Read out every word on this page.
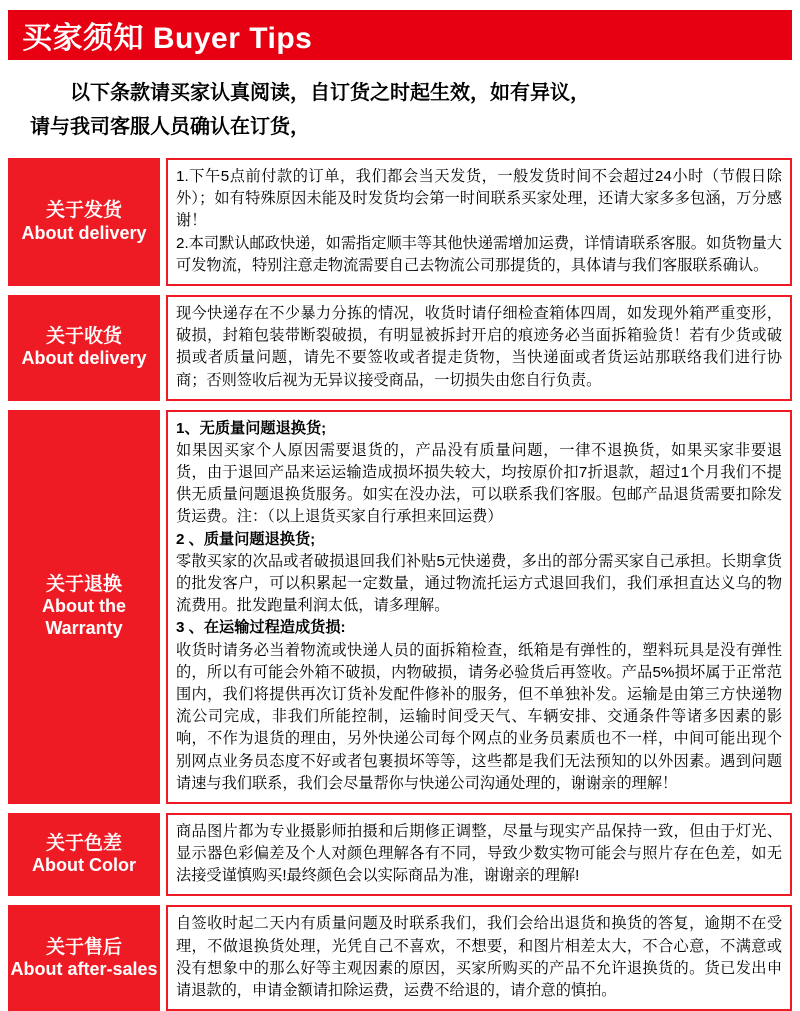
买家须知 Buyer Tips
以下条款请买家认真阅读，自订货之时起生效，如有异议，
请与我司客服人员确认在订货，
关于发货
About delivery

1.下午5点前付款的订单，我们都会当天发货，一般发货时间不会超过24小时（节假日除外）；如有特殊原因未能及时发货均会第一时间联系买家处理，还请大家多多包涵，万分感谢！

2.本司默认邮政快递，如需指定顺丰等其他快递需增加运费，详情请联系客服。如货物量大可发物流，特别注意走物流需要自己去物流公司那提货的，具体请与我们客服联系确认。

关于收货
About delivery

现今快递存在不少暴力分拣的情况，收货时请仔细检查箱体四周，如发现外箱严重变形，破损，封箱包装带断裂破损，有明显被拆封开启的痕迹务必当面拆箱验货！若有少货或破损或者质量问题，请先不要签收或者提走货物，当快递面或者货运站那联络我们进行协商；否则签收后视为无异议接受商品，一切损失由您自行负责。

关于退换
About the Warranty

1、无质量问题退换货;

如果因买家个人原因需要退货的，产品没有质量问题，一律不退换货，如果买家非要退货，由于退回产品来运运输造成损坏损失较大，均按原价扣7折退款，超过1个月我们不提供无质量问题退换货服务。如实在没办法，可以联系我们客服。包邮产品退货需要扣除发货运费。注：（以上退货买家自行承担来回运费）

2 、质量问题退换货;

零散买家的次品或者破损退回我们补贴5元快递费，多出的部分需买家自己承担。长期拿货的批发客户，可以积累起一定数量，通过物流托运方式退回我们，我们承担直达义乌的物流费用。批发跑量利润太低，请多理解。

3 、在运输过程造成货损:

收货时请务必当着物流或快递人员的面拆箱检查，纸箱是有弹性的，塑料玩具是没有弹性的，所以有可能会外箱不破损，内物破损，请务必验货后再签收。产品5%损坏属于正常范围内，我们将提供再次订货补发配件修补的服务，但不单独补发。运输是由第三方快递物流公司完成，非我们所能控制，运输时间受天气、车辆安排、交通条件等诸多因素的影响，不作为退货的理由，另外快递公司每个网点的业务员素质也不一样，中间可能出现个别网点业务员态度不好或者包裹损坏等等，这些都是我们无法预知的以外因素。遇到问题请速与我们联系，我们会尽量帮你与快递公司沟通处理的，谢谢亲的理解！

关于色差
About Color

商品图片都为专业摄影师拍摄和后期修正调整，尽量与现实产品保持一致，但由于灯光、显示器色彩偏差及个人对颜色理解各有不同，导致少数实物可能会与照片存在色差，如无法接受谨慎购买!最终颜色会以实际商品为准，谢谢亲的理解!

关于售后
About after-sales

自签收时起二天内有质量问题及时联系我们，我们会给出退货和换货的答复，逾期不在受理，不做退换货处理，光凭自己不喜欢，不想要，和图片相差太大，不合心意，不满意或没有想象中的那么好等主观因素的原因，买家所购买的产品不允许退换货的。货已发出申请退款的，申请金额请扣除运费，运费不给退的，请介意的慎拍。
